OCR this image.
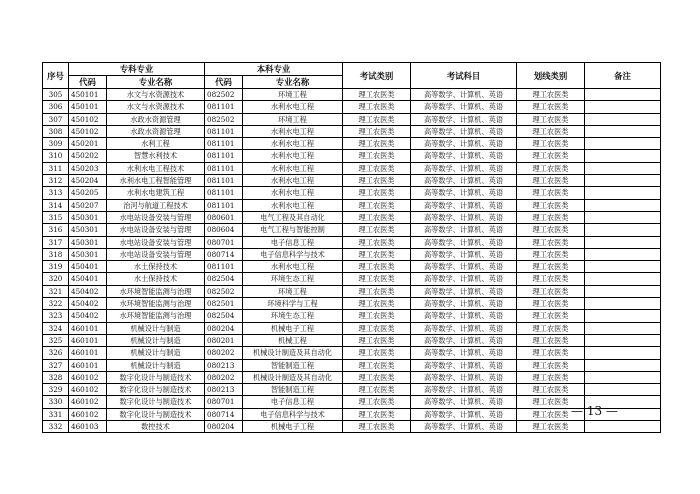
序号	专科专业		本科专业		考试类别	考试科目	划线类别	备注
	代码	专业名称	代码	专业名称				
305	450101	水文与水资源技术	082502	环境工程	理工农医类	高等数学、计算机、英语	理工农医类	
306	450101	水文与水资源技术	081101	水利水电工程	理工农医类	高等数学、计算机、英语	理工农医类	
307	450102	水政水资源管理	082502	环境工程	理工农医类	高等数学、计算机、英语	理工农医类	
308	450102	水政水资源管理	081101	水利水电工程	理工农医类	高等数学、计算机、英语	理工农医类	
309	450201	水利工程	081101	水利水电工程	理工农医类	高等数学、计算机、英语	理工农医类	
310	450202	智慧水利技术	081101	水利水电工程	理工农医类	高等数学、计算机、英语	理工农医类	
311	450203	水利水电工程技术	081101	水利水电工程	理工农医类	高等数学、计算机、英语	理工农医类	
312	450204	水利水电工程智能管理	081101	水利水电工程	理工农医类	高等数学、计算机、英语	理工农医类	
313	450205	水利水电建筑工程	081101	水利水电工程	理工农医类	高等数学、计算机、英语	理工农医类	
314	450207	治河与航道工程技术	081101	水利水电工程	理工农医类	高等数学、计算机、英语	理工农医类	
315	450301	水电站设备安装与管理	080601	电气工程及其自动化	理工农医类	高等数学、计算机、英语	理工农医类	
316	450301	水电站设备安装与管理	080604	电气工程与智能控制	理工农医类	高等数学、计算机、英语	理工农医类	
317	450301	水电站设备安装与管理	080701	电子信息工程	理工农医类	高等数学、计算机、英语	理工农医类	
318	450301	水电站设备安装与管理	080714	电子信息科学与技术	理工农医类	高等数学、计算机、英语	理工农医类	
319	450401	水土保持技术	081101	水利水电工程	理工农医类	高等数学、计算机、英语	理工农医类	
320	450401	水土保持技术	082504	环境生态工程	理工农医类	高等数学、计算机、英语	理工农医类	
321	450402	水环境智能监测与治理	082502	环境工程	理工农医类	高等数学、计算机、英语	理工农医类	
322	450402	水环境智能监测与治理	082501	环境科学与工程	理工农医类	高等数学、计算机、英语	理工农医类	
323	450402	水环境智能监测与治理	082504	环境生态工程	理工农医类	高等数学、计算机、英语	理工农医类	
324	460101	机械设计与制造	080204	机械电子工程	理工农医类	高等数学、计算机、英语	理工农医类	
325	460101	机械设计与制造	080201	机械工程	理工农医类	高等数学、计算机、英语	理工农医类	
326	460101	机械设计与制造	080202	机械设计制造及其自动化	理工农医类	高等数学、计算机、英语	理工农医类	
327	460101	机械设计与制造	080213	智能制造工程	理工农医类	高等数学、计算机、英语	理工农医类	
328	460102	数字化设计与制造技术	080202	机械设计制造及其自动化	理工农医类	高等数学、计算机、英语	理工农医类	
329	460102	数字化设计与制造技术	080213	智能制造工程	理工农医类	高等数学、计算机、英语	理工农医类	
330	460102	数字化设计与制造技术	080701	电子信息工程	理工农医类	高等数学、计算机、英语	理工农医类	
331	460102	数字化设计与制造技术	080714	电子信息科学与技术	理工农医类	高等数学、计算机、英语	理工农医类	
332	460103	数控技术	080204	机械电子工程	理工农医类	高等数学、计算机、英语	理工农医类	
— 13 —
